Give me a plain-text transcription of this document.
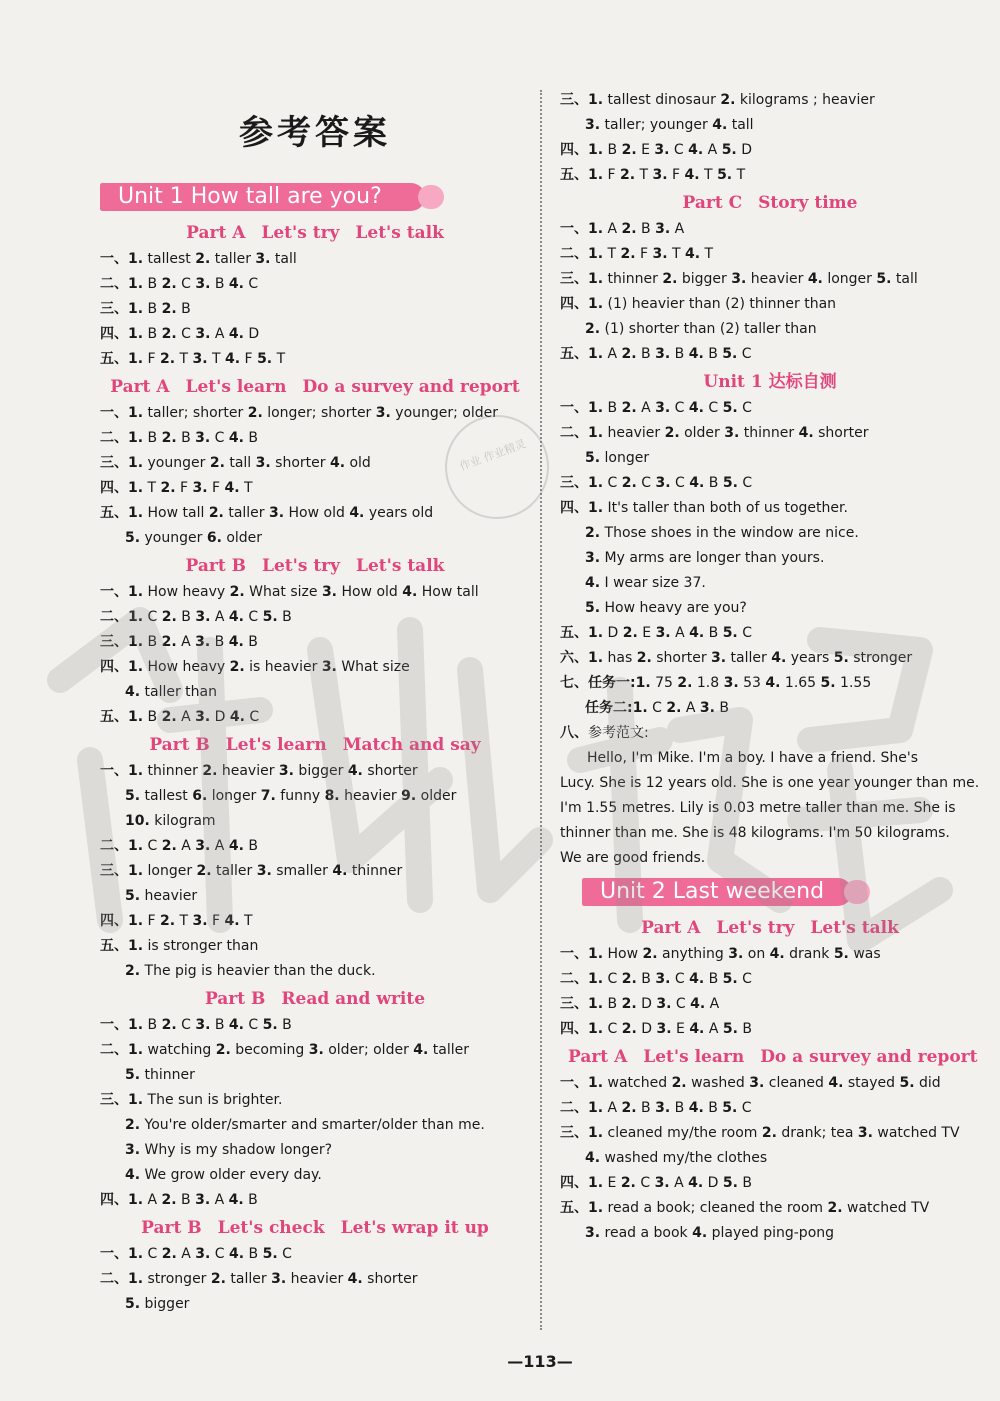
参考答案
Unit 1 How tall are you?
Part A Let's try Let's talk
一、1. tallest 2. taller 3. tall
二、1. B 2. C 3. B 4. C
三、1. B 2. B
四、1. B 2. C 3. A 4. D
五、1. F 2. T 3. T 4. F 5. T
Part A Let's learn Do a survey and report
一、1. taller; shorter 2. longer; shorter 3. younger; older
二、1. B 2. B 3. C 4. B
三、1. younger 2. tall 3. shorter 4. old
四、1. T 2. F 3. F 4. T
五、1. How tall 2. taller 3. How old 4. years old
5. younger 6. older
Part B Let's try Let's talk
一、1. How heavy 2. What size 3. How old 4. How tall
二、1. C 2. B 3. A 4. C 5. B
三、1. B 2. A 3. B 4. B
四、1. How heavy 2. is heavier 3. What size
4. taller than
五、1. B 2. A 3. D 4. C
Part B Let's learn Match and say
一、1. thinner 2. heavier 3. bigger 4. shorter
5. tallest 6. longer 7. funny 8. heavier 9. older
10. kilogram
二、1. C 2. A 3. A 4. B
三、1. longer 2. taller 3. smaller 4. thinner
5. heavier
四、1. F 2. T 3. F 4. T
五、1. is stronger than
2. The pig is heavier than the duck.
Part B Read and write
一、1. B 2. C 3. B 4. C 5. B
二、1. watching 2. becoming 3. older; older 4. taller
5. thinner
三、1. The sun is brighter.
2. You're older/smarter and smarter/older than me.
3. Why is my shadow longer?
4. We grow older every day.
四、1. A 2. B 3. A 4. B
Part B Let's check Let's wrap it up
一、1. C 2. A 3. C 4. B 5. C
二、1. stronger 2. taller 3. heavier 4. shorter
5. bigger
三、1. tallest dinosaur 2. kilograms ; heavier
3. taller; younger 4. tall
四、1. B 2. E 3. C 4. A 5. D
五、1. F 2. T 3. F 4. T 5. T
Part C Story time
一、1. A 2. B 3. A
二、1. T 2. F 3. T 4. T
三、1. thinner 2. bigger 3. heavier 4. longer 5. tall
四、1. (1) heavier than (2) thinner than
2. (1) shorter than (2) taller than
五、1. A 2. B 3. B 4. B 5. C
Unit 1 达标自测
一、1. B 2. A 3. C 4. C 5. C
二、1. heavier 2. older 3. thinner 4. shorter
5. longer
三、1. C 2. C 3. C 4. B 5. C
四、1. It's taller than both of us together.
2. Those shoes in the window are nice.
3. My arms are longer than yours.
4. I wear size 37.
5. How heavy are you?
五、1. D 2. E 3. A 4. B 5. C
六、1. has 2. shorter 3. taller 4. years 5. stronger
七、任务一:1. 75 2. 1.8 3. 53 4. 1.65 5. 1.55
任务二:1. C 2. A 3. B
八、参考范文:
Hello, I'm Mike. I'm a boy. I have a friend. She's
Lucy. She is 12 years old. She is one year younger than me.
I'm 1.55 metres. Lily is 0.03 metre taller than me. She is
thinner than me. She is 48 kilograms. I'm 50 kilograms.
We are good friends.
Unit 2 Last weekend
Part A Let's try Let's talk
一、1. How 2. anything 3. on 4. drank 5. was
二、1. C 2. B 3. C 4. B 5. C
三、1. B 2. D 3. C 4. A
四、1. C 2. D 3. E 4. A 5. B
Part A Let's learn Do a survey and report
一、1. watched 2. washed 3. cleaned 4. stayed 5. did
二、1. A 2. B 3. B 4. B 5. C
三、1. cleaned my/the room 2. drank; tea 3. watched TV
4. washed my/the clothes
四、1. E 2. C 3. A 4. D 5. B
五、1. read a book; cleaned the room 2. watched TV
3. read a book 4. played ping-pong
作业 作业精灵
—113—
